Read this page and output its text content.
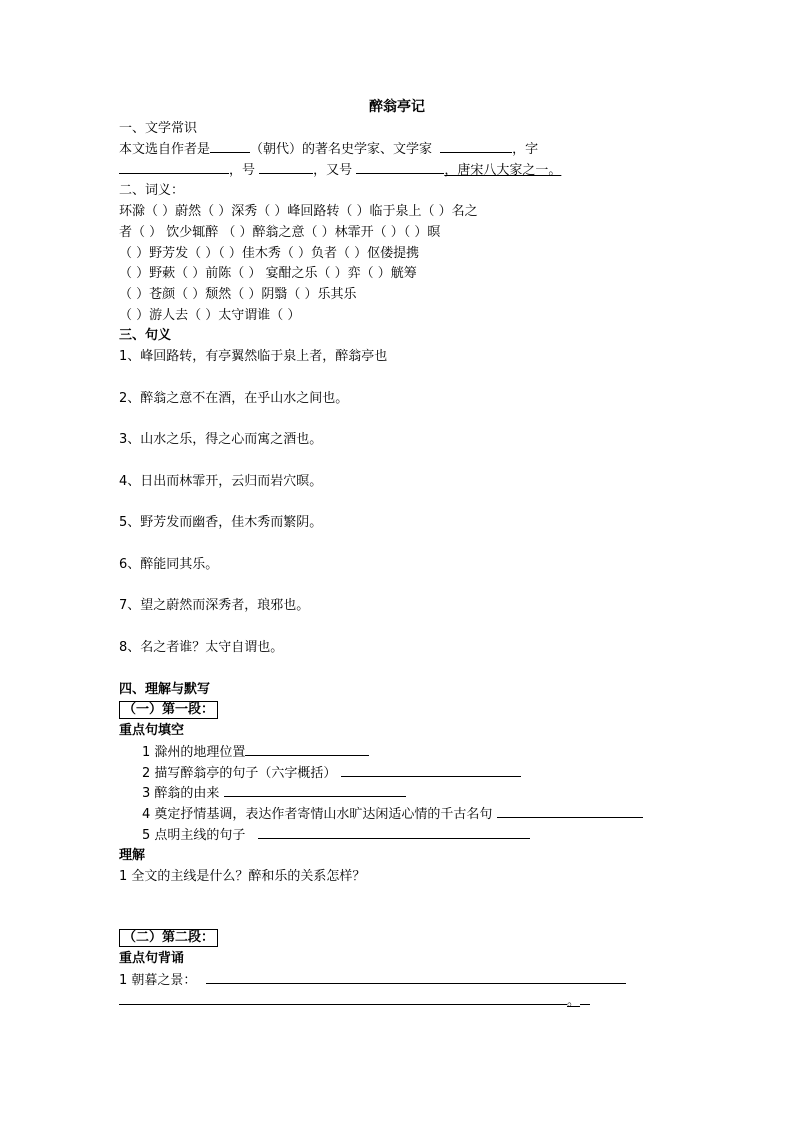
醉翁亭记
一、文学常识
本文选自作者是	（朝代）的著名史学家、文学家	，字
，号	，又号	，唐宋八大家之一。
二、词义：
环滁（ ）蔚然（ ）深秀（ ）峰回路转（ ）临于泉上（ ）名之
者（ ） 饮少辄醉 （ ）醉翁之意（ ）林霏开（ ）（ ）暝
（ ）野芳发（ ）（ ）佳木秀（ ）负者（ ）伛偻提携
（ ）野蔌（ ）前陈（ ） 宴酣之乐（ ）弈（ ）觥筹
（ ）苍颜（ ）颓然（ ）阴翳（ ）乐其乐
（ ）游人去（ ）太守谓谁（ ）
三、句义
1、峰回路转，有亭翼然临于泉上者，醉翁亭也
2、醉翁之意不在酒，在乎山水之间也。
3、山水之乐，得之心而寓之酒也。
4、日出而林霏开，云归而岩穴暝。
5、野芳发而幽香，佳木秀而繁阴。
6、醉能同其乐。
7、望之蔚然而深秀者，琅邪也。
8、名之者谁？太守自谓也。
四、理解与默写
（一）第一段：
重点句填空
1 滁州的地理位置
2 描写醉翁亭的句子（六字概括）
3 醉翁的由来
4 奠定抒情基调，表达作者寄情山水旷达闲适心情的千古名句
5 点明主线的句子
理解
1 全文的主线是什么？醉和乐的关系怎样？
（二）第二段：
重点句背诵
1 朝暮之景：
。
